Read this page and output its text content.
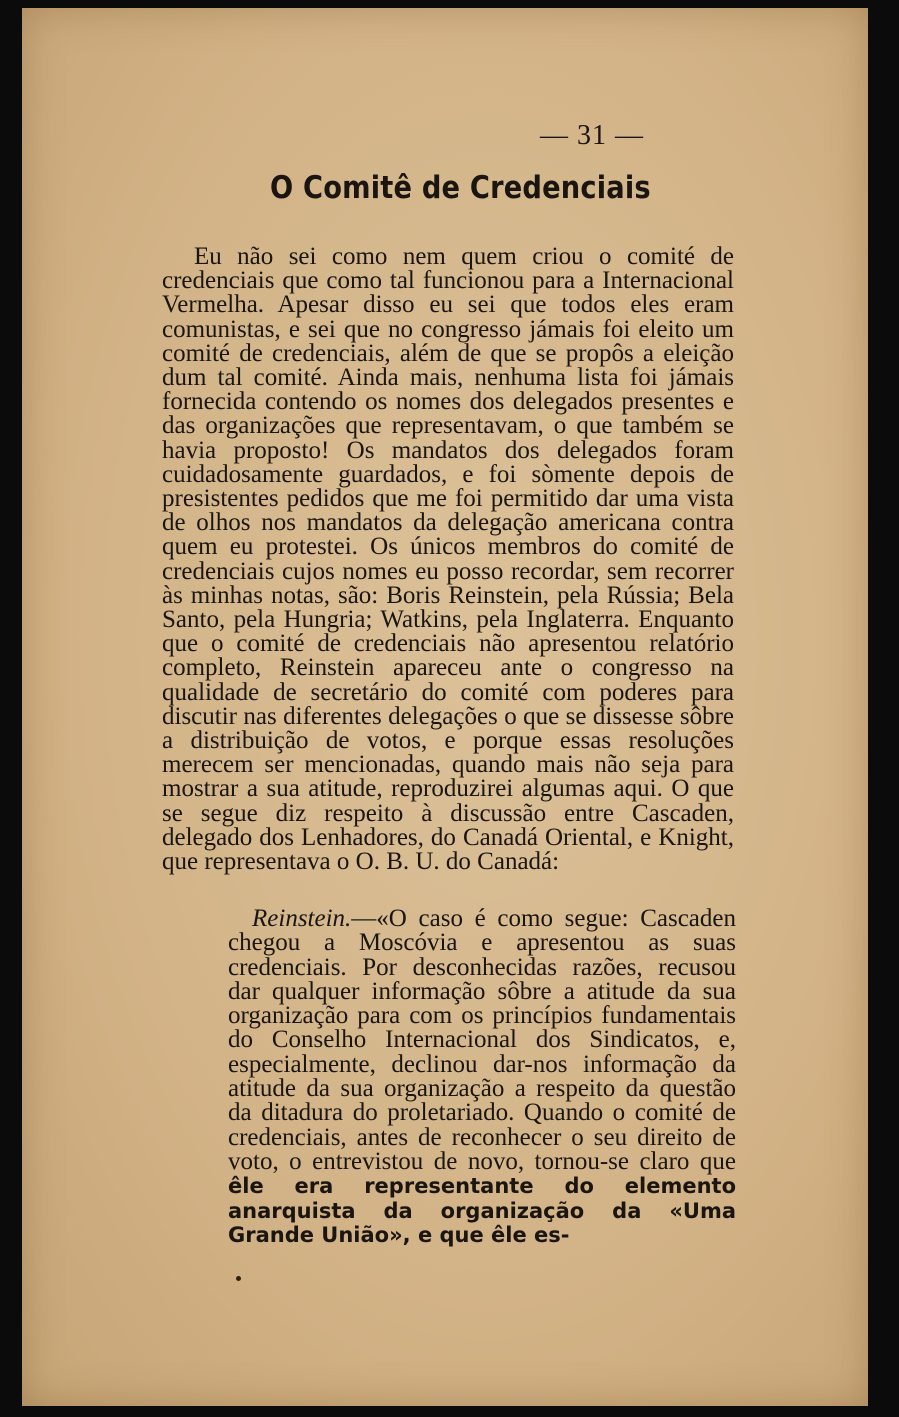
— 31 —
O Comitê de Credenciais

Eu não sei como nem quem criou o comité de credenciais que como tal funcionou para a Internacional Vermelha. Apesar disso eu sei que todos eles eram comunistas, e sei que no congresso jámais foi eleito um comité de credenciais, além de que se propôs a eleição dum tal comité. Ainda mais, nenhuma lista foi jámais fornecida contendo os nomes dos delegados presentes e das organizações que representavam, o que também se havia proposto! Os mandatos dos delegados foram cuidadosamente guardados, e foi sòmente depois de presistentes pedidos que me foi permitido dar uma vista de olhos nos mandatos da delegação americana contra quem eu protestei. Os únicos membros do comité de credenciais cujos nomes eu posso recordar, sem recorrer às minhas notas, são: Boris Reinstein, pela Rússia; Bela Santo, pela Hungria; Watkins, pela Inglaterra. Enquanto que o comité de credenciais não apresentou relatório completo, Reinstein apareceu ante o congresso na qualidade de secretário do comité com poderes para discutir nas diferentes delegações o que se dissesse sôbre a distribuição de votos, e porque essas resoluções merecem ser mencionadas, quando mais não seja para mostrar a sua atitude, reproduzirei algumas aqui. O que se segue diz respeito à discussão entre Cascaden, delegado dos Lenhadores, do Canadá Oriental, e Knight, que representava o O. B. U. do Canadá:

Reinstein.—«O caso é como segue: Cascaden chegou a Moscóvia e apresentou as suas credenciais. Por desconhecidas razões, recusou dar qualquer informação sôbre a atitude da sua organização para com os princípios fundamentais do Conselho Internacional dos Sindicatos, e, especialmente, declinou dar-nos informação da atitude da sua organização a respeito da questão da ditadura do proletariado. Quando o comité de credenciais, antes de reconhecer o seu direito de voto, o entrevistou de novo, tornou-se claro que êle era representante do elemento anarquista da organização da «Uma Grande União», e que êle es-
